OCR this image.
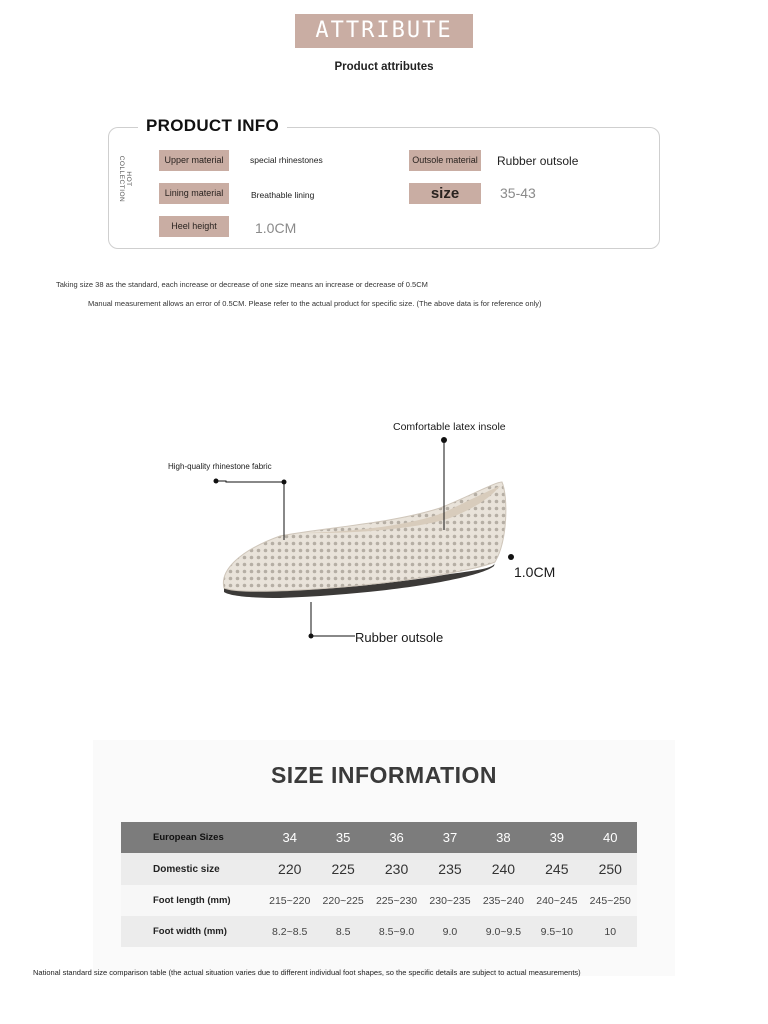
ATTRIBUTE
Product attributes
PRODUCT INFO
HOT COLLECTION	Upper material	special rhinestones
Lining material	Breathable lining
Heel height	1.0CM
Outsole material Rubber outsole
size	35-43
Taking size 38 as the standard, each increase or decrease of one size means an increase or decrease of 0.5CM
Manual measurement allows an error of 0.5CM. Please refer to the actual product for specific size. (The above data is for reference only)
Comfortable latex insole
High-quality rhinestone fabric
1.0CM
Rubber outsole
SIZE INFORMATION
European Sizes	34	35	36	37	38	39	40
Domestic size	220	225	230	235	240	245	250
Foot length (mm)	215~220	220~225	225~230	230~235	235~240	240~245	245~250
Foot width (mm)	8.2~8.5	8.5	8.5~9.0	9.0	9.0~9.5	9.5~10	10
National standard size comparison table (the actual situation varies due to different individual foot shapes, so the specific details are subject to actual measurements)
